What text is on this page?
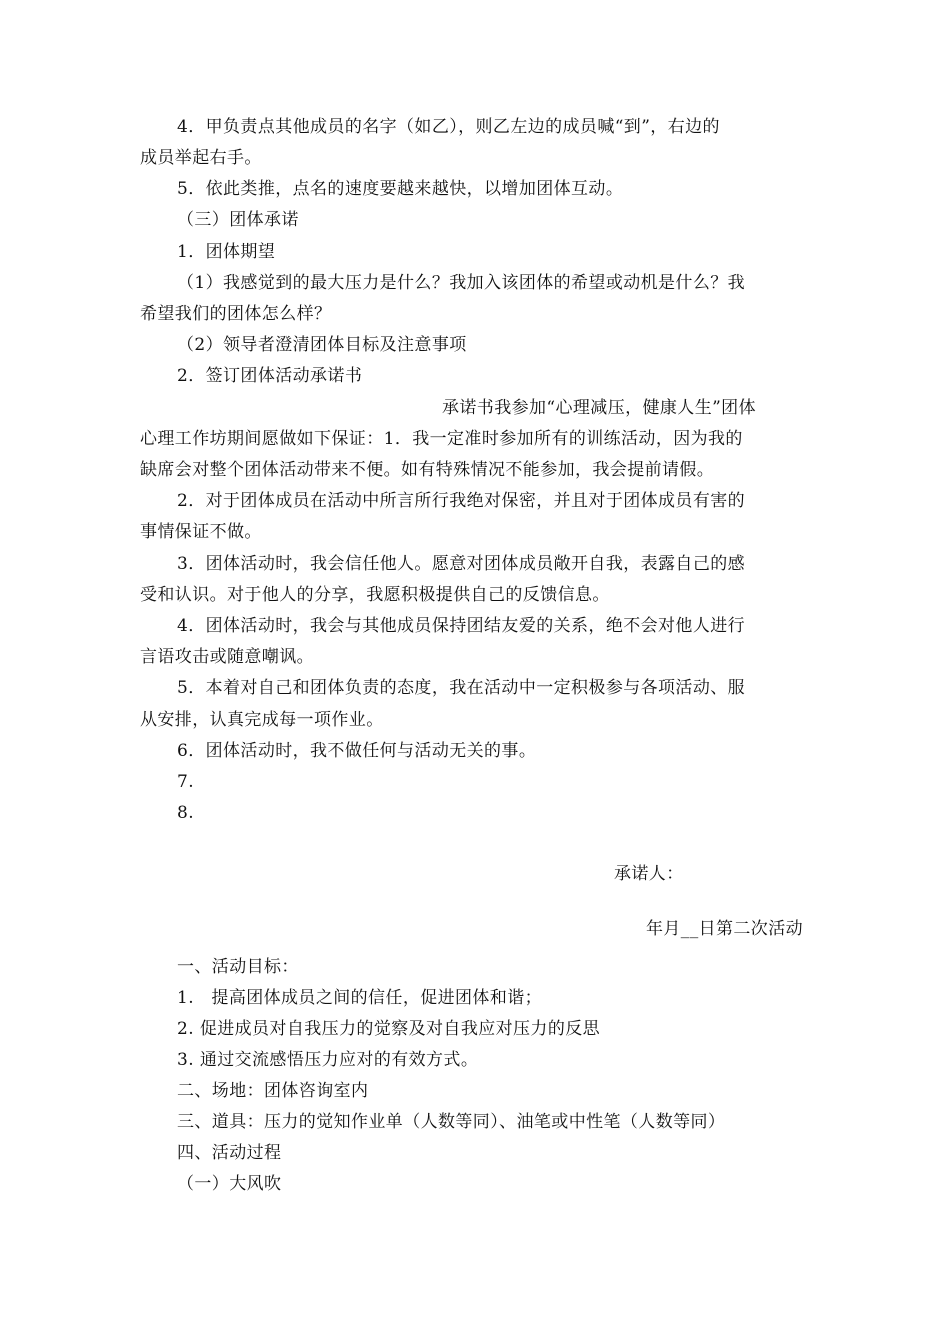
4．甲负责点其他成员的名字（如乙），则乙左边的成员喊“到”，右边的
成员举起右手。
5．依此类推，点名的速度要越来越快，以增加团体互动。
（三）团体承诺
1．团体期望
（1）我感觉到的最大压力是什么？我加入该团体的希望或动机是什么？我
希望我们的团体怎么样？
（2）领导者澄清团体目标及注意事项
2．签订团体活动承诺书
承诺书我参加“心理减压，健康人生”团体
心理工作坊期间愿做如下保证：1．我一定准时参加所有的训练活动，因为我的
缺席会对整个团体活动带来不便。如有特殊情况不能参加，我会提前请假。
2．对于团体成员在活动中所言所行我绝对保密，并且对于团体成员有害的
事情保证不做。
3．团体活动时，我会信任他人。愿意对团体成员敞开自我，表露自己的感
受和认识。对于他人的分享，我愿积极提供自己的反馈信息。
4．团体活动时，我会与其他成员保持团结友爱的关系，绝不会对他人进行
言语攻击或随意嘲讽。
5．本着对自己和团体负责的态度，我在活动中一定积极参与各项活动、服
从安排，认真完成每一项作业。
6．团体活动时，我不做任何与活动无关的事。
7.
8.
承诺人：
年月__日第二次活动
一、活动目标：
1.　提高团体成员之间的信任，促进团体和谐；
2. 促进成员对自我压力的觉察及对自我应对压力的反思
3. 通过交流感悟压力应对的有效方式。
二、场地：团体咨询室内
三、道具：压力的觉知作业单（人数等同）、油笔或中性笔（人数等同）
四、活动过程
（一）大风吹
